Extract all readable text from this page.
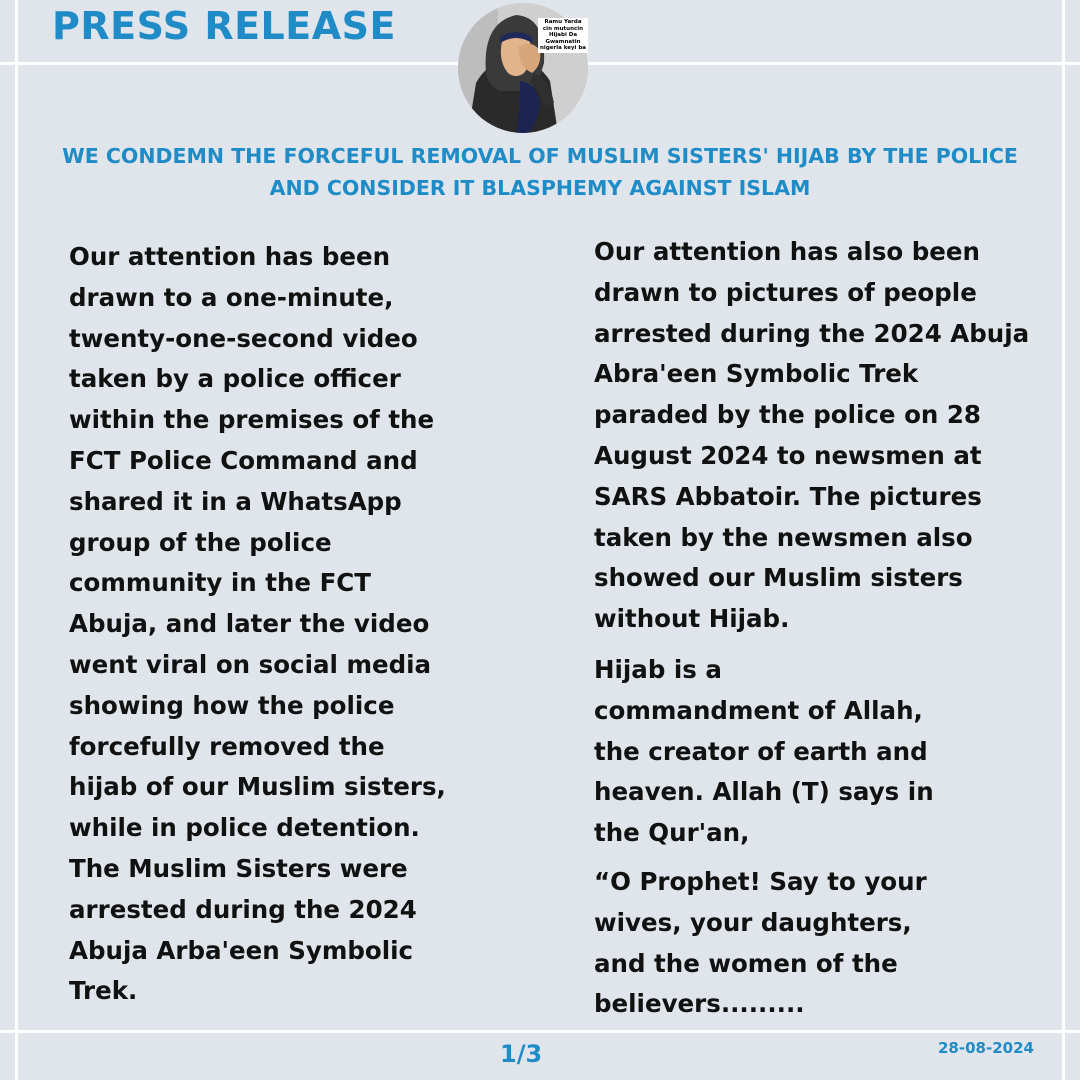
PRESS RELEASE	Ramu Yarda cin mutuncin Hijabi Da Gwamnatin nigeria keyi ba
WE CONDEMN THE FORCEFUL REMOVAL OF MUSLIM SISTERS' HIJAB BY THE POLICE AND CONSIDER IT BLASPHEMY AGAINST ISLAM

Our attention has been
drawn to a one-minute,
twenty-one-second video
taken by a police officer
within the premises of the
FCT Police Command and
shared it in a WhatsApp
group of the police
community in the FCT
Abuja, and later the video
went viral on social media
showing how the police
forcefully removed the
hijab of our Muslim sisters,
while in police detention.
The Muslim Sisters were
arrested during the 2024
Abuja Arba'een Symbolic
Trek.

Our attention has also been
drawn to pictures of people
arrested during the 2024 Abuja
Abra'een Symbolic Trek
paraded by the police on 28
August 2024 to newsmen at
SARS Abbatoir. The pictures
taken by the newsmen also
showed our Muslim sisters
without Hijab.

Hijab is a
commandment of Allah,
the creator of earth and
heaven. Allah (T) says in
the Qur'an,

“O Prophet! Say to your
wives, your daughters,
and the women of the
believers.........

1/3	28-08-2024
